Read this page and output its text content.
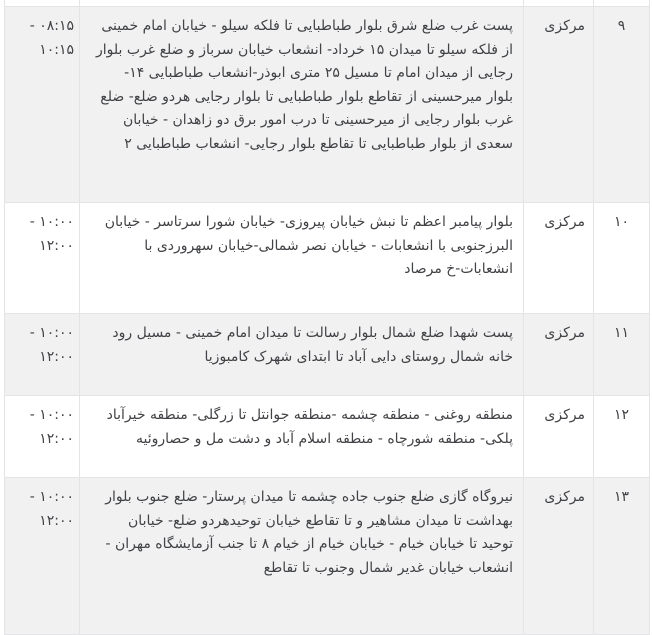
۹	مرکزی	پست غرب ضلع شرق بلوار طباطبایی تا فلکه سیلو - خیابان امام خمینی از فلکه سیلو تا میدان ۱۵ خرداد- انشعاب خیابان سرباز و ضلع غرب بلوار رجایی از میدان امام تا مسیل ۲۵ متری ابوذر-انشعاب طباطبایی ۱۴- بلوار میرحسینی از تقاطع بلوار طباطبایی تا بلوار رجایی هردو ضلع- ضلع غرب بلوار رجایی از میرحسینی تا درب امور برق دو زاهدان - خیابان سعدی از بلوار طباطبایی تا تقاطع بلوار رجایی- انشعاب طباطبایی ۲	۰۸:۱۵ - ۱۰:۱۵
۱۰	مرکزی	بلوار پیامبر اعظم تا نبش خیابان پیروزی- خیابان شورا سرتاسر - خیابان البرزجنوبی با انشعابات - خیابان نصر شمالی-خیابان سهروردی با انشعابات-خ مرصاد	۱۰:۰۰ - ۱۲:۰۰
۱۱	مرکزی	پست شهدا ضلع شمال بلوار رسالت تا میدان امام خمینی - مسیل رود خانه شمال روستای دایی آباد تا ابتدای شهرک کامبوزیا	۱۰:۰۰ - ۱۲:۰۰
۱۲	مرکزی	منطقه روغنی - منطقه چشمه -منطقه جوانتل تا زرگلی- منطقه خیرآباد پلکی- منطقه شورچاه - منطقه اسلام آباد و دشت مل و حصاروئیه	۱۰:۰۰ - ۱۲:۰۰
۱۳	مرکزی	نیروگاه گازی ضلع جنوب جاده چشمه تا میدان پرستار- ضلع جنوب بلوار بهداشت تا میدان مشاهیر و تا تقاطع خیابان توحیدهردو ضلع- خیابان توحید تا خیابان خیام - خیابان خیام از خیام ۸ تا جنب آزمایشگاه مهران - انشعاب خیابان غدیر شمال وجنوب تا تقاطع	۱۰:۰۰ - ۱۲:۰۰
